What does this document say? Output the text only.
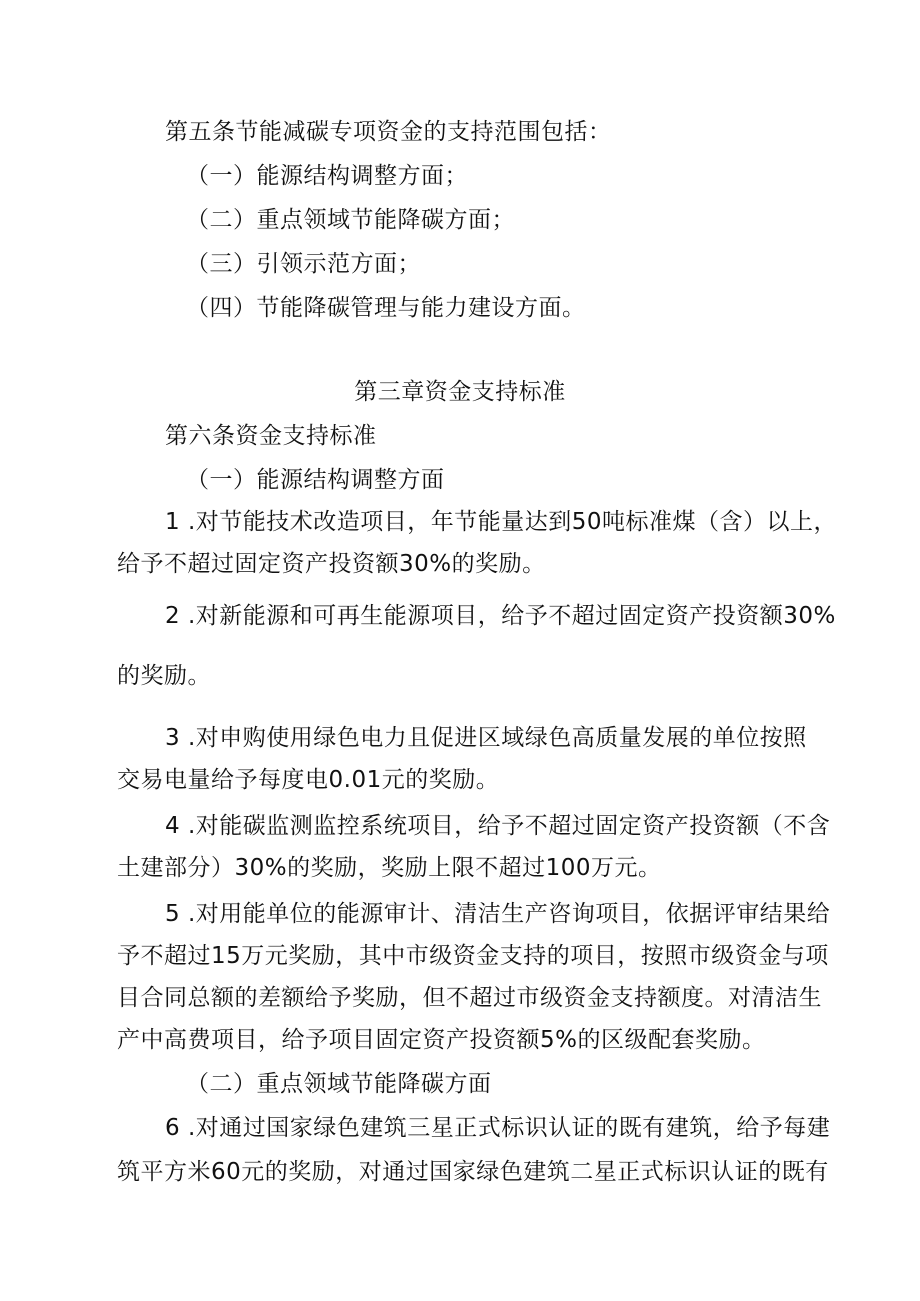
第五条节能减碳专项资金的支持范围包括：
（一）能源结构调整方面；
（二）重点领域节能降碳方面；
（三）引领示范方面；
（四）节能降碳管理与能力建设方面。
第三章资金支持标准
第六条资金支持标准
（一）能源结构调整方面
1 .对节能技术改造项目，年节能量达到50吨标准煤（含）以上，
给予不超过固定资产投资额30%的奖励。
2 .对新能源和可再生能源项目，给予不超过固定资产投资额30%
的奖励。
3 .对申购使用绿色电力且促进区域绿色高质量发展的单位按照
交易电量给予每度电0.01元的奖励。
4 .对能碳监测监控系统项目，给予不超过固定资产投资额（不含
土建部分）30%的奖励，奖励上限不超过100万元。
5 .对用能单位的能源审计、清洁生产咨询项目，依据评审结果给
予不超过15万元奖励，其中市级资金支持的项目，按照市级资金与项
目合同总额的差额给予奖励，但不超过市级资金支持额度。对清洁生
产中高费项目，给予项目固定资产投资额5%的区级配套奖励。
（二）重点领域节能降碳方面
6 .对通过国家绿色建筑三星正式标识认证的既有建筑，给予每建
筑平方米60元的奖励，对通过国家绿色建筑二星正式标识认证的既有
